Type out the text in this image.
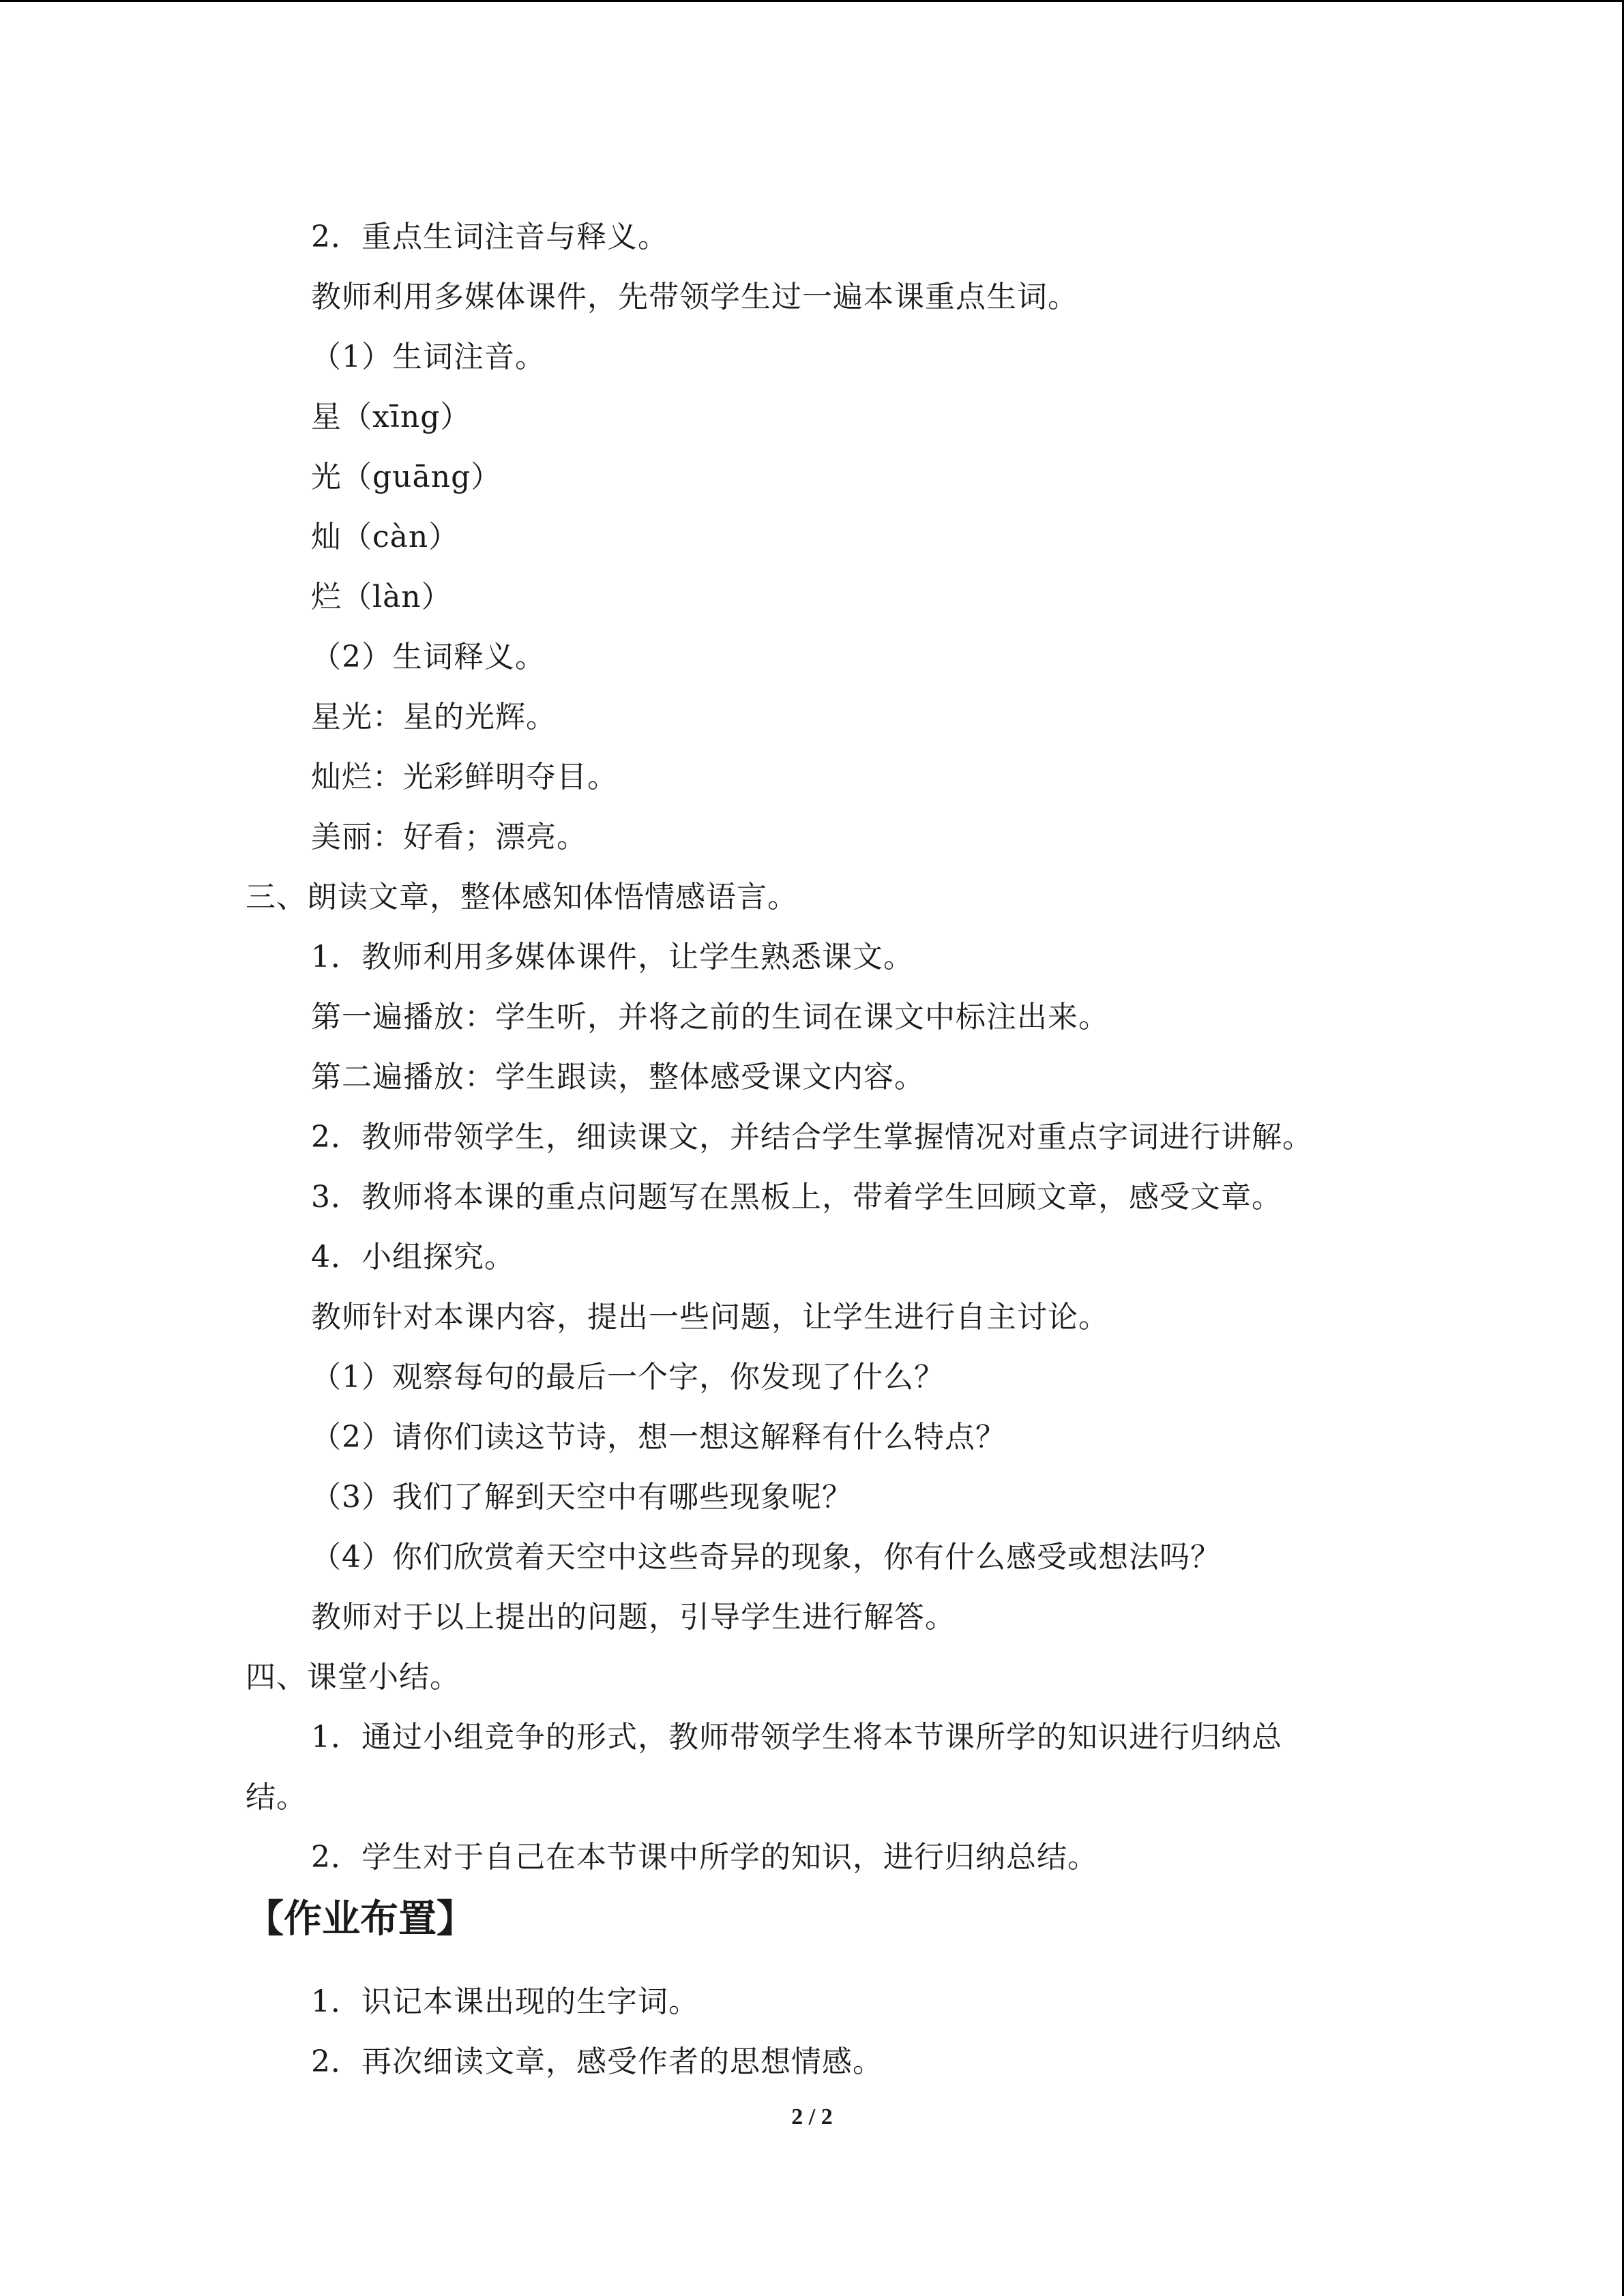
2．重点生词注音与释义。
教师利用多媒体课件，先带领学生过一遍本课重点生词。
（1）生词注音。
星（xīng）
光（guāng）
灿（càn）
烂（làn）
（2）生词释义。
星光：星的光辉。
灿烂：光彩鲜明夺目。
美丽：好看；漂亮。
三、朗读文章，整体感知体悟情感语言。
1．教师利用多媒体课件，让学生熟悉课文。
第一遍播放：学生听，并将之前的生词在课文中标注出来。
第二遍播放：学生跟读，整体感受课文内容。
2．教师带领学生，细读课文，并结合学生掌握情况对重点字词进行讲解。
3．教师将本课的重点问题写在黑板上，带着学生回顾文章，感受文章。
4．小组探究。
教师针对本课内容，提出一些问题，让学生进行自主讨论。
（1）观察每句的最后一个字，你发现了什么？
（2）请你们读这节诗，想一想这解释有什么特点？
（3）我们了解到天空中有哪些现象呢？
（4）你们欣赏着天空中这些奇异的现象，你有什么感受或想法吗？
教师对于以上提出的问题，引导学生进行解答。
四、课堂小结。
1．通过小组竞争的形式，教师带领学生将本节课所学的知识进行归纳总
结。
2．学生对于自己在本节课中所学的知识，进行归纳总结。
【作业布置】
1．识记本课出现的生字词。
2．再次细读文章，感受作者的思想情感。
2 / 2
